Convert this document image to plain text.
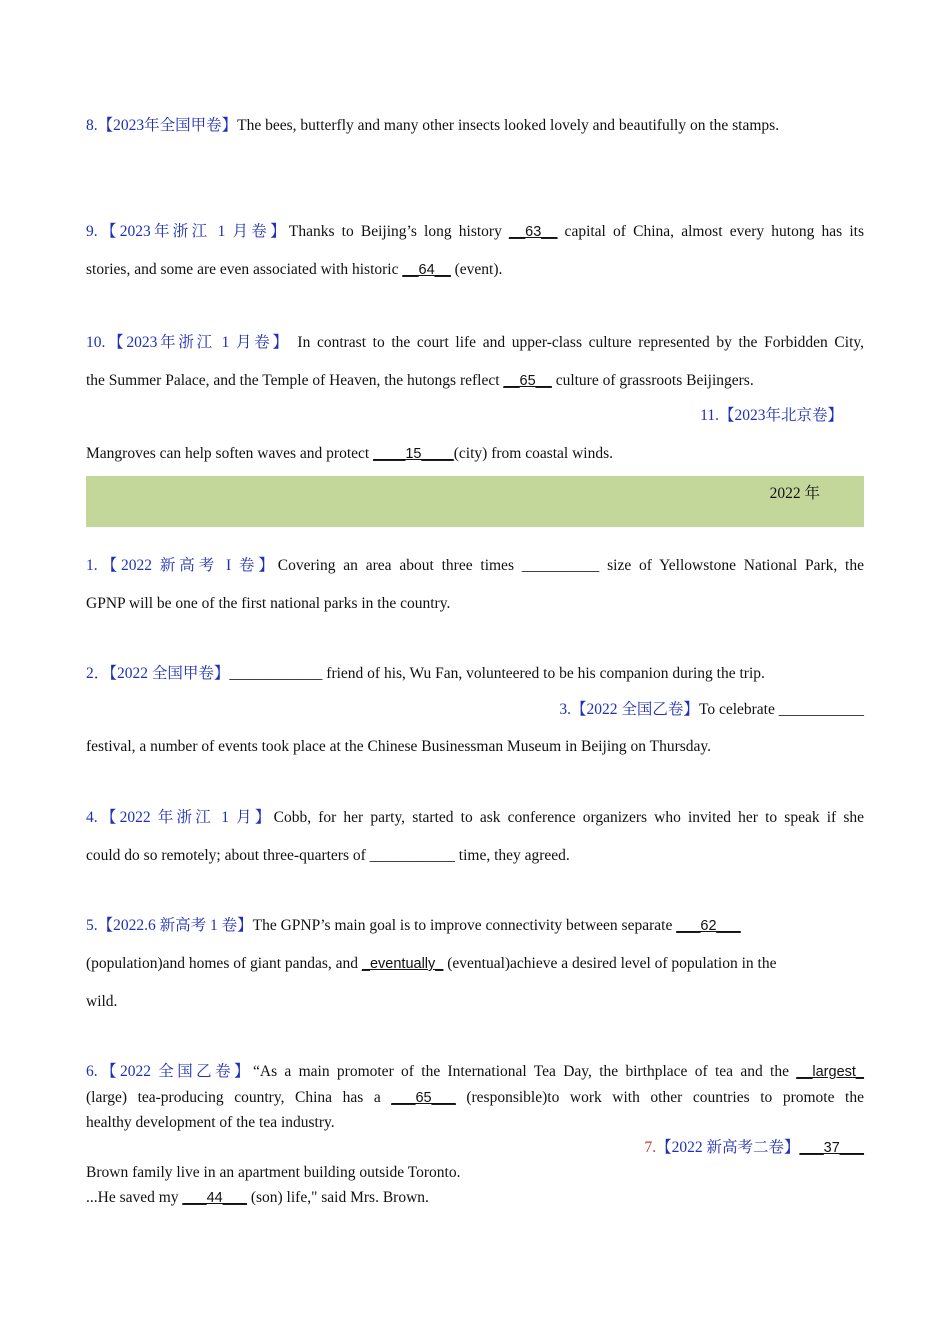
8.【2023年全国甲卷】The bees, butterfly and many other insects looked lovely and beautifully on the stamps.
9.【2023年浙江 1 月卷】Thanks to Beijing’s long history __63__ capital of China, almost every hutong has its
stories, and some are even associated with historic __64__ (event).
10.【2023年浙江 1 月卷】 In contrast to the court life and upper-class culture represented by the Forbidden City,
the Summer Palace, and the Temple of Heaven, the hutongs reflect __65__ culture of grassroots Beijingers.
11.【2023年北京卷】
Mangroves can help soften waves and protect ____15____(city) from coastal winds.
2022 年
1.【2022 新高考 I 卷】Covering an area about three times __________ size of Yellowstone National Park, the
GPNP will be one of the first national parks in the country.
2．【2022 全国甲卷】____________ friend of his, Wu Fan, volunteered to be his companion during the trip.
3.【2022 全国乙卷】To celebrate ___________
festival, a number of events took place at the Chinese Businessman Museum in Beijing on Thursday.
4.【2022 年浙江 1 月】Cobb, for her party, started to ask conference organizers who invited her to speak if she
could do so remotely; about three-quarters of ___________ time, they agreed.
5.【2022.6 新高考 1 卷】The GPNP’s main goal is to improve connectivity between separate ___62___
(population)and homes of giant pandas, and _eventually_ (eventual)achieve a desired level of population in the
wild.
6.【2022 全国乙卷】“As a main promoter of the International Tea Day, the birthplace of tea and the __largest_
(large) tea-producing country, China has a ___65___ (responsible)to work with other countries to promote the
healthy development of the tea industry.
7.【2022 新高考二卷】___37___
Brown family live in an apartment building outside Toronto.
...He saved my ___44___ (son) life," said Mrs. Brown.
